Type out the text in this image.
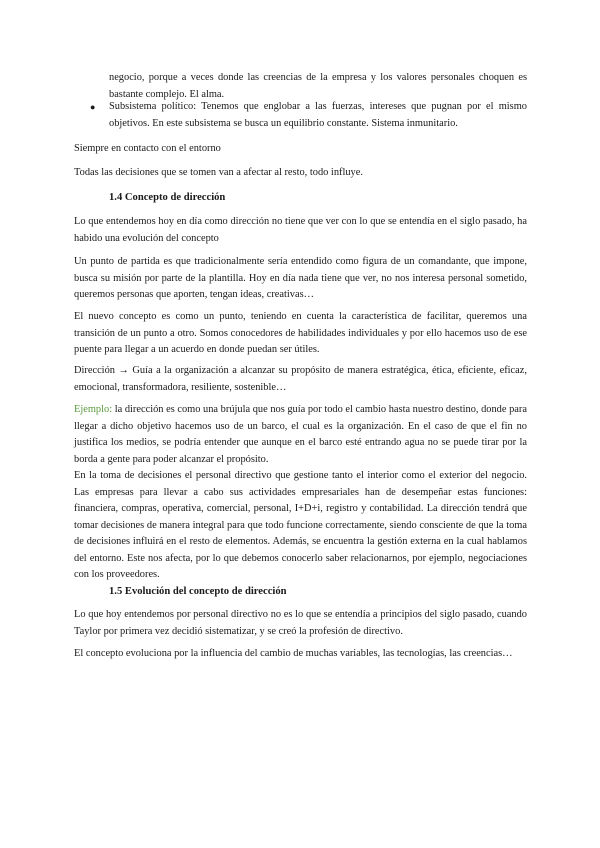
negocio, porque a veces donde las creencias de la empresa y los valores personales choquen es bastante complejo. El alma.

● Subsistema político: Tenemos que englobar a las fuerzas, intereses que pugnan por el mismo objetivos. En este subsistema se busca un equilibrio constante. Sistema inmunitario.

Siempre en contacto con el entorno

Todas las decisiones que se tomen van a afectar al resto, todo influye.

1.4 Concepto de dirección

Lo que entendemos hoy en día como dirección no tiene que ver con lo que se entendía en el siglo pasado, ha habido una evolución del concepto

Un punto de partida es que tradicionalmente sería entendido como figura de un comandante, que impone, busca su misión por parte de la plantilla. Hoy en día nada tiene que ver, no nos interesa personal sometido, queremos personas que aporten, tengan ideas, creativas…

El nuevo concepto es como un punto, teniendo en cuenta la característica de facilitar, queremos una transición de un punto a otro. Somos conocedores de habilidades individuales y por ello hacemos uso de ese puente para llegar a un acuerdo en donde puedan ser útiles.

Dirección → Guía a la organización a alcanzar su propósito de manera estratégica, ética, eficiente, eficaz, emocional, transformadora, resiliente, sostenible…

Ejemplo: la dirección es como una brújula que nos guía por todo el cambio hasta nuestro destino, donde para llegar a dicho objetivo hacemos uso de un barco, el cual es la organización. En el caso de que el fin no justifica los medios, se podría entender que aunque en el barco esté entrando agua no se puede tirar por la borda a gente para poder alcanzar el propósito.

En la toma de decisiones el personal directivo que gestione tanto el interior como el exterior del negocio. Las empresas para llevar a cabo sus actividades empresariales han de desempeñar estas funciones: financiera, compras, operativa, comercial, personal, I+D+i, registro y contabilidad. La dirección tendrá que tomar decisiones de manera integral para que todo funcione correctamente, siendo consciente de que la toma de decisiones influirá en el resto de elementos. Además, se encuentra la gestión externa en la cual hablamos del entorno. Este nos afecta, por lo que debemos conocerlo saber relacionarnos, por ejemplo, negociaciones con los proveedores.

1.5 Evolución del concepto de dirección

Lo que hoy entendemos por personal directivo no es lo que se entendía a principios del siglo pasado, cuando Taylor por primera vez decidió sistematizar, y se creó la profesión de directivo.

El concepto evoluciona por la influencia del cambio de muchas variables, las tecnologías, las creencias…
